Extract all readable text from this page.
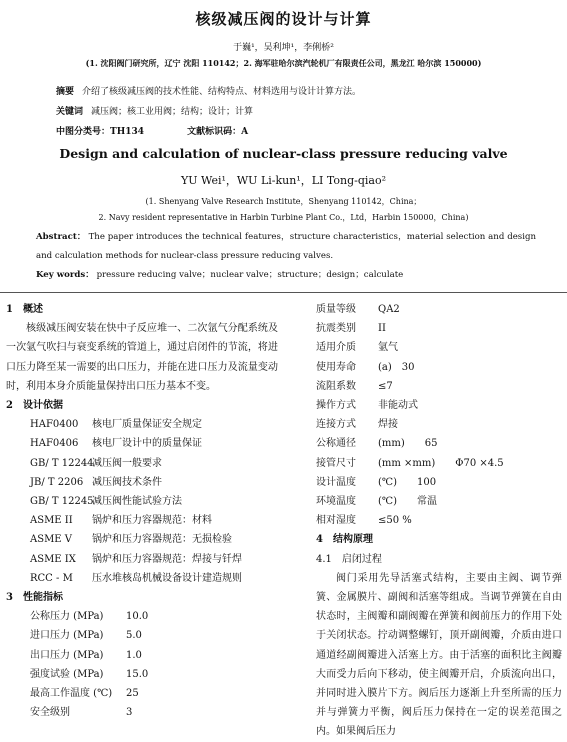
核级减压阀的设计与计算
于巍¹，吴利坤¹，李俐桥²
(1. 沈阳阀门研究所，辽宁 沈阳 110142；2. 海军驻哈尔滨汽轮机厂有限责任公司，黑龙江 哈尔滨 150000)
摘要 介绍了核级减压阀的技术性能、结构特点、材料选用与设计计算方法。
关键词 减压阀；核工业用阀；结构；设计；计算
中图分类号：TH134	文献标识码：A
Design and calculation of nuclear-class pressure reducing valve
YU Wei¹，WU Li-kun¹，LI Tong-qiao²
(1. Shenyang Valve Research Institute，Shenyang 110142，China；
2. Navy resident representative in Harbin Turbine Plant Co.，Ltd，Harbin 150000，China)
Abstract： The paper introduces the technical features，structure characteristics，material selection and design and calculation methods for nuclear-class pressure reducing valves.
Key words： pressure reducing valve；nuclear valve；structure；design；calculate
1　概述
核级减压阀安装在快中子反应堆一、二次氩气分配系统及一次氩气吹扫与衰变系统的管道上，通过启闭件的节流，将进口压力降至某一需要的出口压力，并能在进口压力及流量变动时，利用本身介质能量保持出口压力基本不变。
2　设计依据
HAF0400 核电厂质量保证安全规定
HAF0406 核电厂设计中的质量保证
GB/ T 12244减压阀一般要求
JB/ T 2206 减压阀技术条件
GB/ T 12245减压阀性能试验方法
ASME II 锅炉和压力容器规范：材料
ASME V 锅炉和压力容器规范：无损检验
ASME IX 锅炉和压力容器规范：焊接与钎焊
RCC - M 压水堆核岛机械设备设计建造规则
3　性能指标
公称压力 (MPa) 10.0
进口压力 (MPa) 5.0
出口压力 (MPa) 1.0
强度试验 (MPa) 15.0
最高工作温度 (℃) 25
安全级别	3
质量等级 QA2
抗震类别 II
适用介质 氩气
使用寿命 (a)　30
流阻系数 ≤7
操作方式 非能动式
连接方式 焊接
公称通径 (mm)　　65
接管尺寸 (mm ×mm)　　Φ70 ×4.5
设计温度 (℃)　　100
环境温度 (℃)　　常温
相对湿度 ≤50 %
4　结构原理
4.1　启闭过程
阀门采用先导活塞式结构，主要由主阀、调节弹簧、金属膜片、副阀和活塞等组成。当调节弹簧在自由状态时，主阀瓣和副阀瓣在弹簧和阀前压力的作用下处于关闭状态。拧动调整螺钉，顶开副阀瓣，介质由进口通道经副阀瓣进入活塞上方。由于活塞的面积比主阀瓣大而受力后向下移动，使主阀瓣开启，介质流向出口，并同时进入膜片下方。阀后压力逐渐上升至所需的压力并与弹簧力平衡，阀后压力保持在一定的误差范围之内。如果阀后压力
